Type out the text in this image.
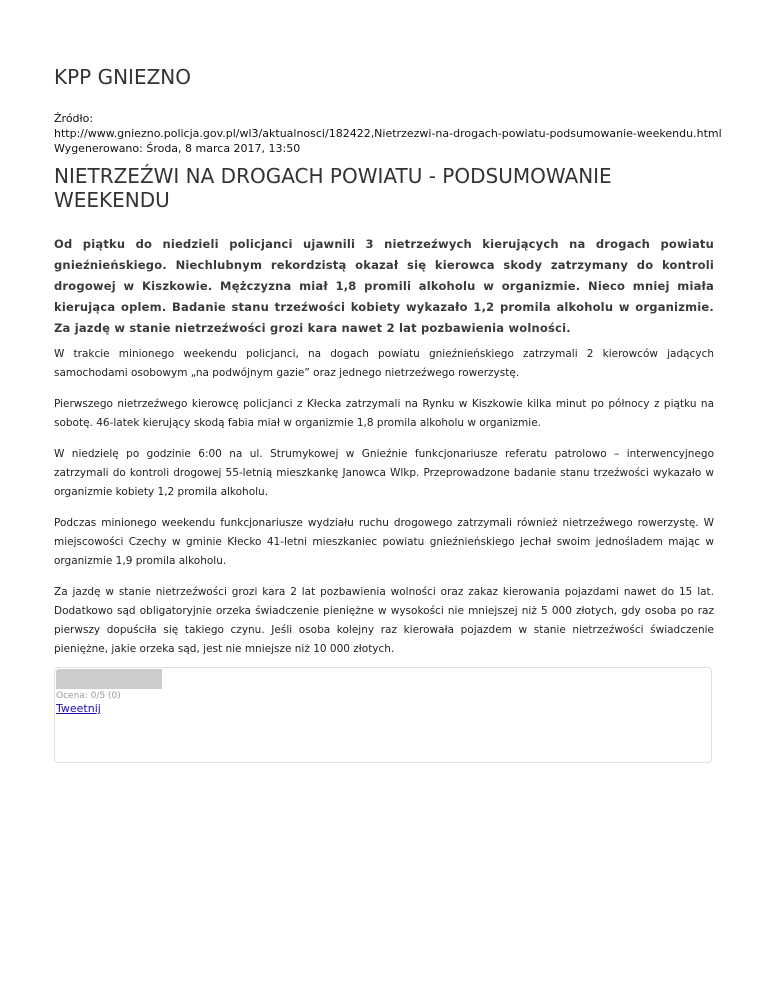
KPP GNIEZNO
Źródło:
http://www.gniezno.policja.gov.pl/wl3/aktualnosci/182422,Nietrzezwi-na-drogach-powiatu-podsumowanie-weekendu.html
Wygenerowano: Środa, 8 marca 2017, 13:50
NIETRZEŹWI NA DROGACH POWIATU - PODSUMOWANIE WEEKENDU

Od piątku do niedzieli policjanci ujawnili 3 nietrzeźwych kierujących na drogach powiatu gnieźnieńskiego. Niechlubnym rekordzistą okazał się kierowca skody zatrzymany do kontroli drogowej w Kiszkowie. Mężczyzna miał 1,8 promili alkoholu w organizmie. Nieco mniej miała kierująca oplem. Badanie stanu trzeźwości kobiety wykazało 1,2 promila alkoholu w organizmie. Za jazdę w stanie nietrzeźwości grozi kara nawet 2 lat pozbawienia wolności.

W trakcie minionego weekendu policjanci, na dogach powiatu gnieźnieńskiego zatrzymali 2 kierowców jadących samochodami osobowym „na podwójnym gazie” oraz jednego nietrzeźwego rowerzystę.

Pierwszego nietrzeźwego kierowcę policjanci z Kłecka zatrzymali na Rynku w Kiszkowie kilka minut po północy z piątku na sobotę. 46-latek kierujący skodą fabia miał w organizmie 1,8 promila alkoholu w organizmie.

W niedzielę po godzinie 6:00 na ul. Strumykowej w Gnieźnie funkcjonariusze referatu patrolowo – interwencyjnego zatrzymali do kontroli drogowej 55-letnią mieszkankę Janowca Wlkp. Przeprowadzone badanie stanu trzeźwości wykazało w organizmie kobiety 1,2 promila alkoholu.

Podczas minionego weekendu funkcjonariusze wydziału ruchu drogowego zatrzymali również nietrzeźwego rowerzystę. W miejscowości Czechy w gminie Kłecko 41-letni mieszkaniec powiatu gnieźnieńskiego jechał swoim jednośladem mając w organizmie 1,9 promila alkoholu.

Za jazdę w stanie nietrzeźwości grozi kara 2 lat pozbawienia wolności oraz zakaz kierowania pojazdami nawet do 15 lat. Dodatkowo sąd obligatoryjnie orzeka świadczenie pieniężne w wysokości nie mniejszej niż 5 000 złotych, gdy osoba po raz pierwszy dopuściła się takiego czynu. Jeśli osoba kolejny raz kierowała pojazdem w stanie nietrzeźwości świadczenie pieniężne, jakie orzeka sąd, jest nie mniejsze niż 10 000 złotych.

Ocena: 0/5 (0)
Tweetnij
